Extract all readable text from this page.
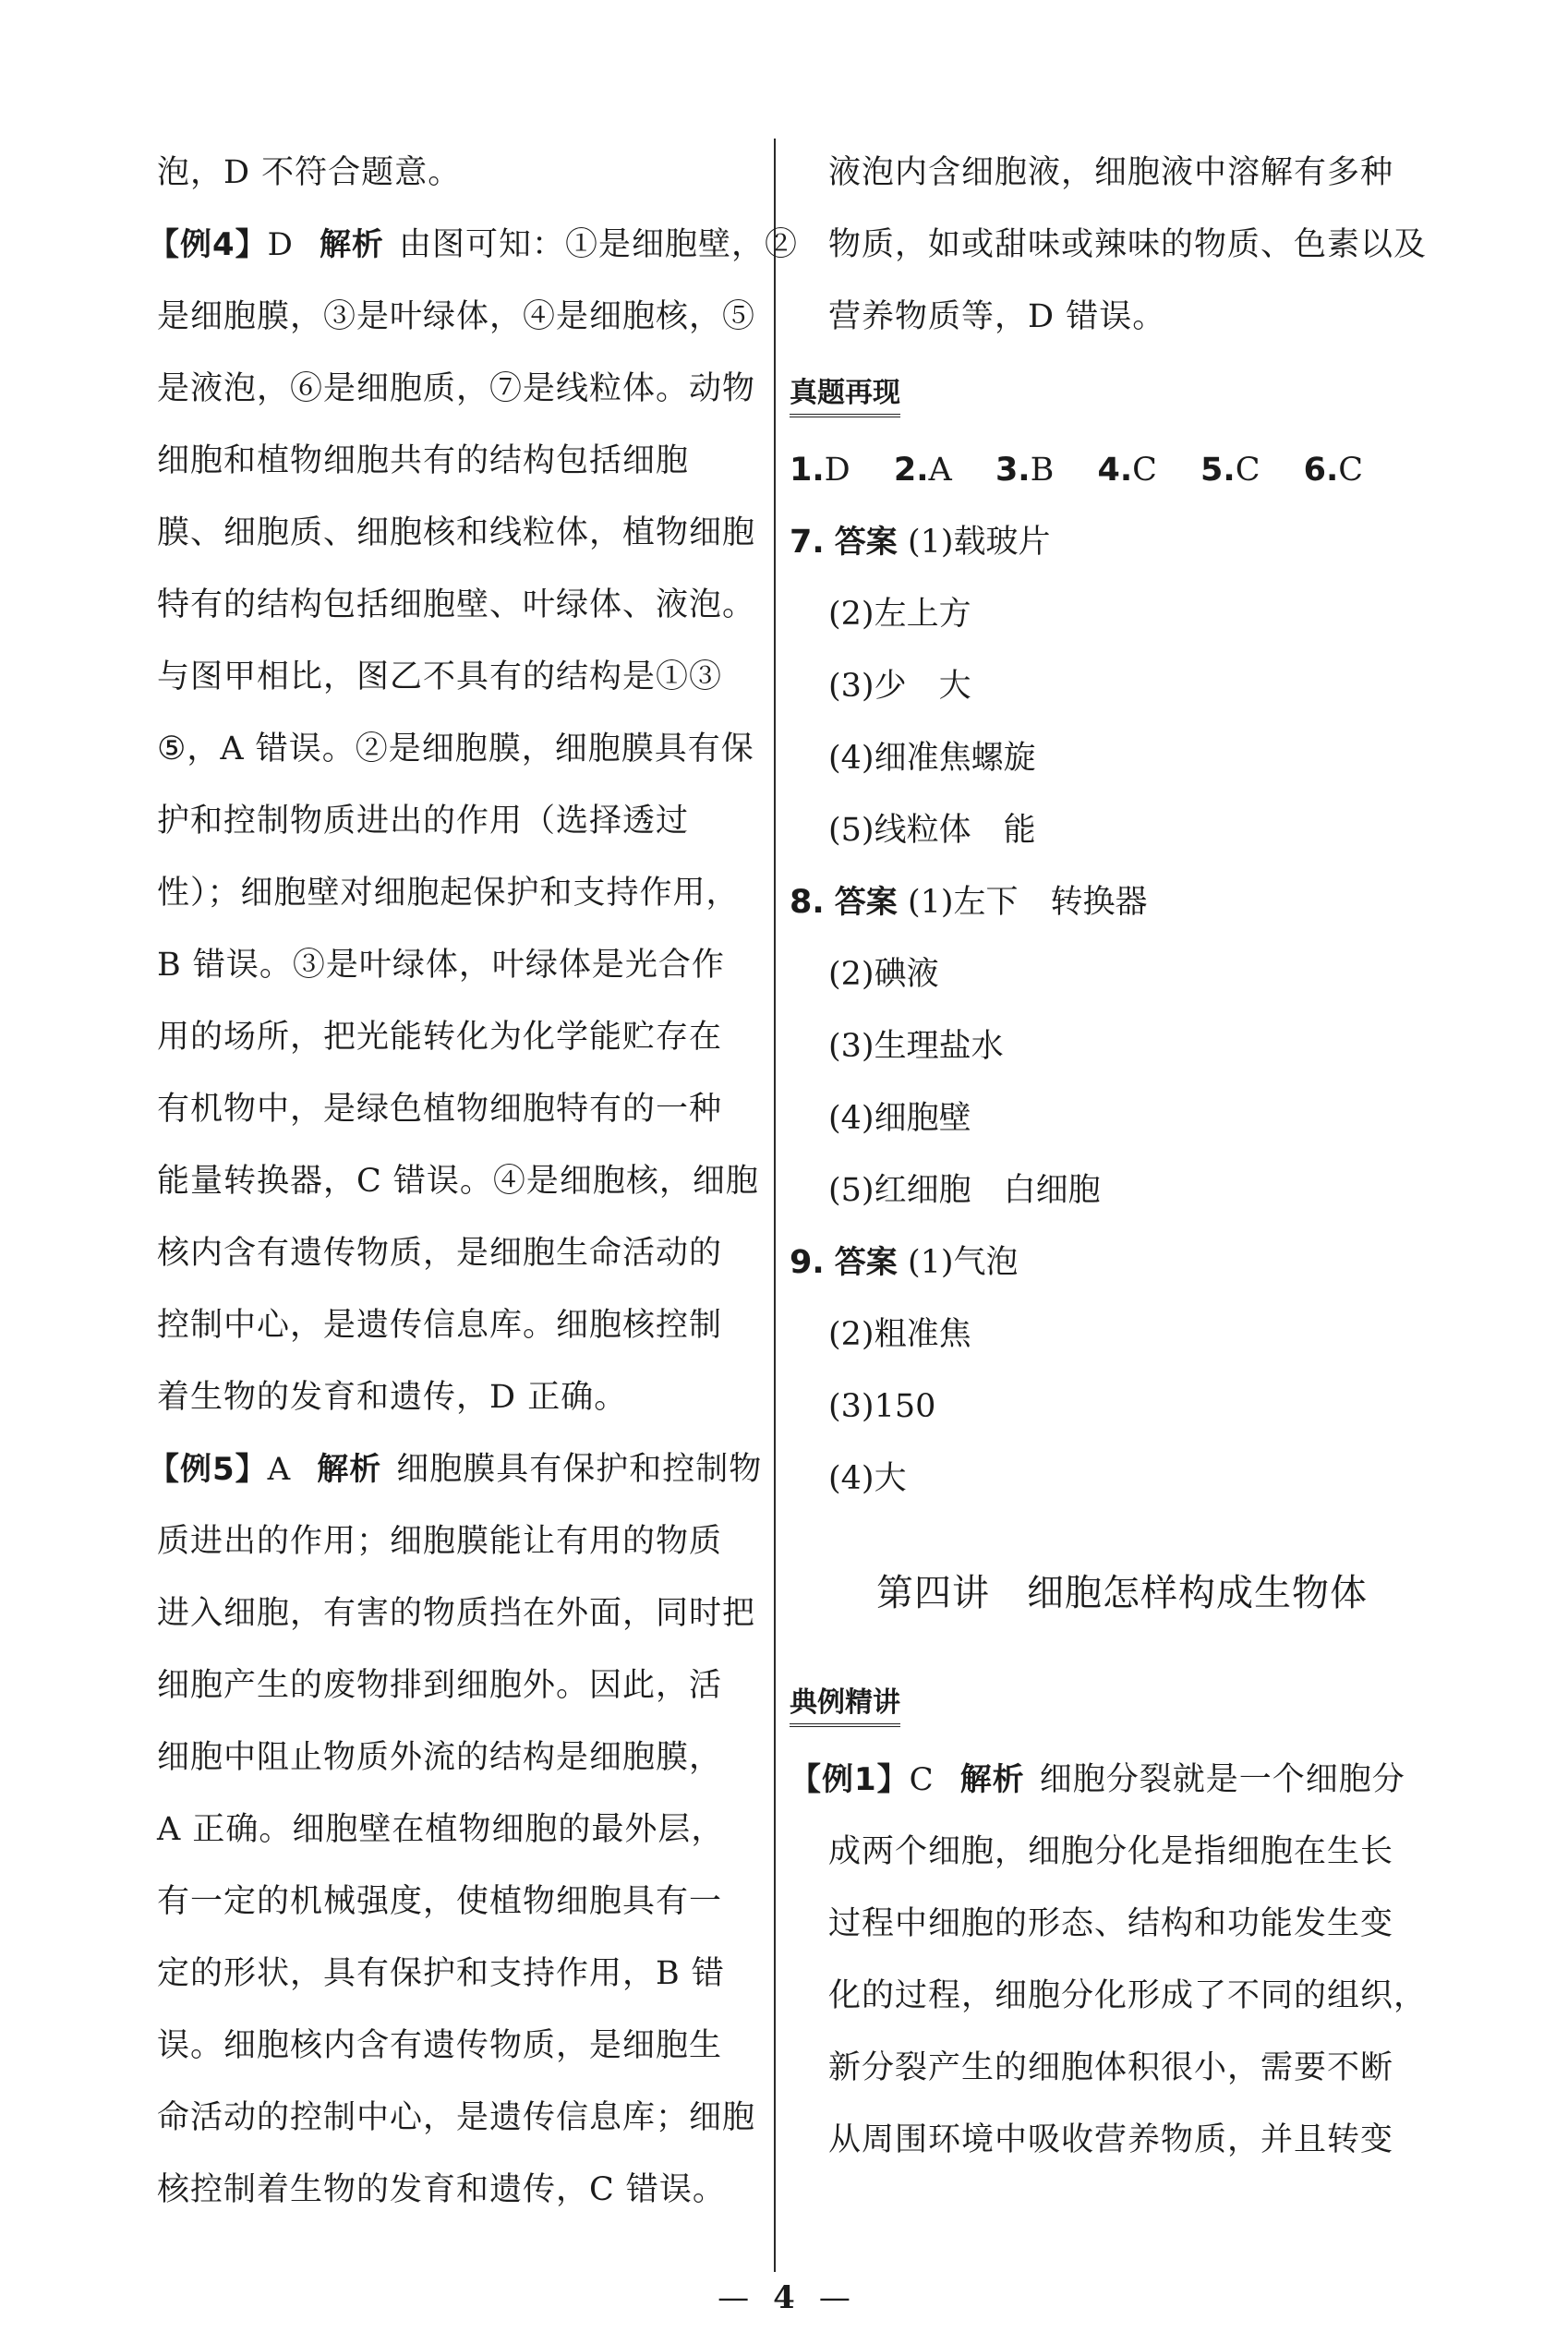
泡，D 不符合题意。
【例4】D 解析 由图可知：①是细胞壁，②
是细胞膜，③是叶绿体，④是细胞核，⑤
是液泡，⑥是细胞质，⑦是线粒体。动物
细胞和植物细胞共有的结构包括细胞
膜、细胞质、细胞核和线粒体，植物细胞
特有的结构包括细胞壁、叶绿体、液泡。
与图甲相比，图乙不具有的结构是①③
⑤，A 错误。②是细胞膜，细胞膜具有保
护和控制物质进出的作用（选择透过
性）；细胞壁对细胞起保护和支持作用，
B 错误。③是叶绿体，叶绿体是光合作
用的场所，把光能转化为化学能贮存在
有机物中，是绿色植物细胞特有的一种
能量转换器，C 错误。④是细胞核，细胞
核内含有遗传物质，是细胞生命活动的
控制中心，是遗传信息库。细胞核控制
着生物的发育和遗传，D 正确。
【例5】A 解析 细胞膜具有保护和控制物
质进出的作用；细胞膜能让有用的物质
进入细胞，有害的物质挡在外面，同时把
细胞产生的废物排到细胞外。因此，活
细胞中阻止物质外流的结构是细胞膜，
A 正确。细胞壁在植物细胞的最外层，
有一定的机械强度，使植物细胞具有一
定的形状，具有保护和支持作用，B 错
误。细胞核内含有遗传物质，是细胞生
命活动的控制中心，是遗传信息库；细胞
核控制着生物的发育和遗传，C 错误。
液泡内含细胞液，细胞液中溶解有多种
物质，如或甜味或辣味的物质、色素以及
营养物质等，D 错误。
真题再现
1.D 2.A 3.B 4.C 5.C 6.C
7. 答案 (1)载玻片
(2)左上方
(3)少　大
(4)细准焦螺旋
(5)线粒体　能
8. 答案 (1)左下　转换器
(2)碘液
(3)生理盐水
(4)细胞壁
(5)红细胞　白细胞
9. 答案 (1)气泡
(2)粗准焦
(3)150
(4)大
第四讲 细胞怎样构成生物体
典例精讲
【例1】C 解析 细胞分裂就是一个细胞分
成两个细胞，细胞分化是指细胞在生长
过程中细胞的形态、结构和功能发生变
化的过程，细胞分化形成了不同的组织，
新分裂产生的细胞体积很小，需要不断
从周围环境中吸收营养物质，并且转变
— 4 —
